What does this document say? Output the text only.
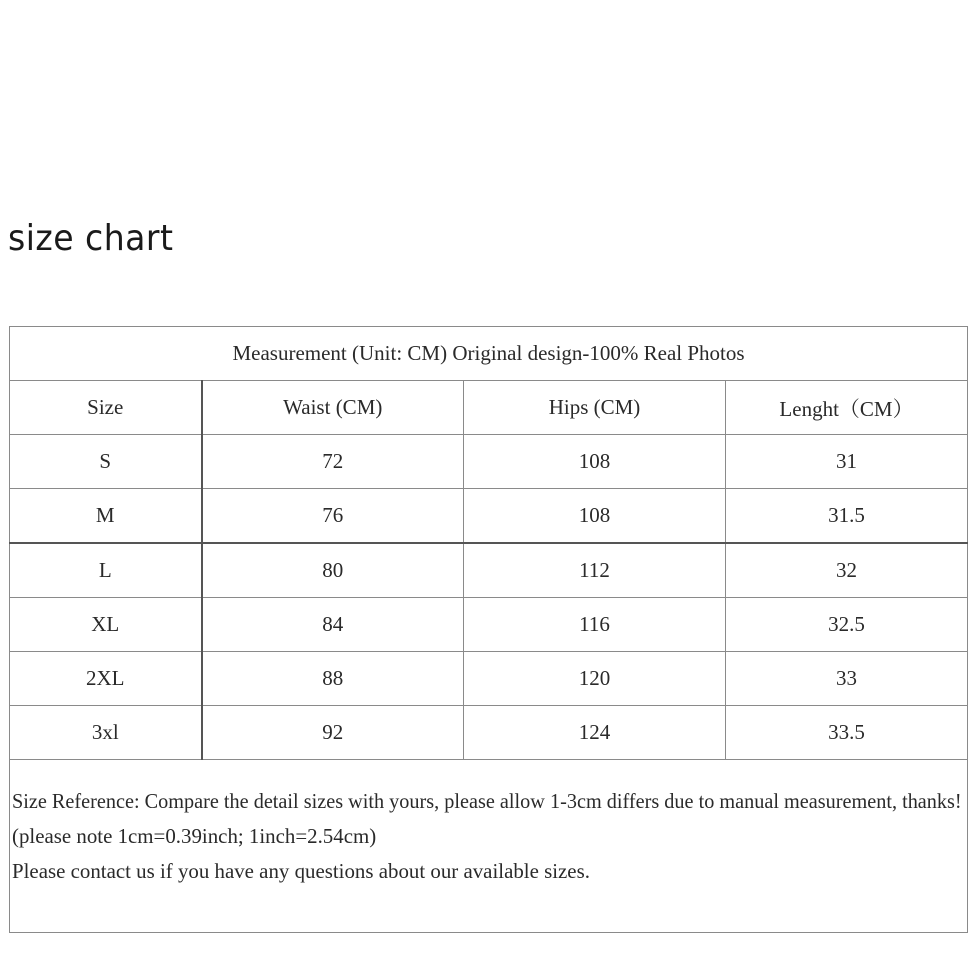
size chart
Measurement (Unit: CM) Original design-100% Real Photos			
Size	Waist (CM)	Hips (CM)	Lenght（CM）
S	72	108	31
M	76	108	31.5
L	80	112	32
XL	84	116	32.5
2XL	88	120	33
3xl	92	124	33.5

Size Reference: Compare the detail sizes with yours, please allow 1-3cm differs due to manual measurement, thanks!
(please note 1cm=0.39inch; 1inch=2.54cm)
Please contact us if you have any questions about our available sizes.			
